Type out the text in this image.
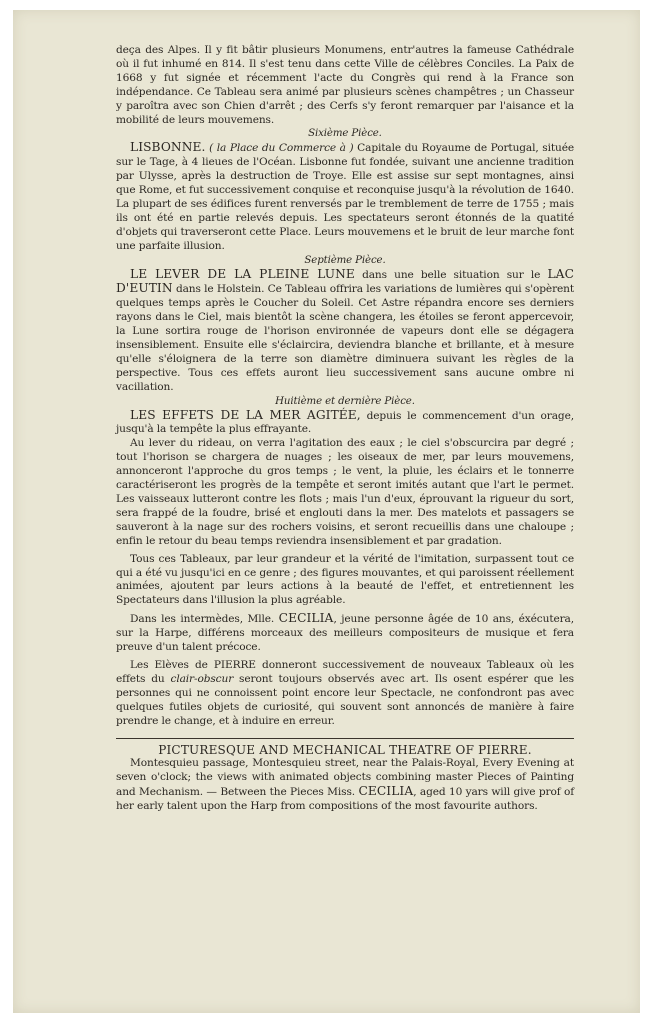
deça des Alpes. Il y fit bâtir plusieurs Monumens, entr'autres la fameuse Cathédrale où il fut inhumé en 814. Il s'est tenu dans cette Ville de célèbres Conciles. La Paix de 1668 y fut signée et récemment l'acte du Congrès qui rend à la France son indépendance. Ce Tableau sera animé par plusieurs scènes champêtres ; un Chasseur y paroîtra avec son Chien d'arrêt ; des Cerfs s'y feront remarquer par l'aisance et la mobilité de leurs mouvemens.

Sixième Pièce.

LISBONNE. ( la Place du Commerce à ) Capitale du Royaume de Portugal, située sur le Tage, à 4 lieues de l'Océan. Lisbonne fut fondée, suivant une ancienne tradition par Ulysse, après la destruction de Troye. Elle est assise sur sept montagnes, ainsi que Rome, et fut successivement conquise et reconquise jusqu'à la révolution de 1640. La plupart de ses édifices furent renversés par le tremblement de terre de 1755 ; mais ils ont été en partie relevés depuis. Les spectateurs seront étonnés de la quatité d'objets qui traverseront cette Place. Leurs mouvemens et le bruit de leur marche font une parfaite illusion.

Septième Pièce.

LE LEVER DE LA PLEINE LUNE dans une belle situation sur le LAC D'EUTIN dans le Holstein. Ce Tableau offrira les variations de lumières qui s'opèrent quelques temps après le Coucher du Soleil. Cet Astre répandra encore ses derniers rayons dans le Ciel, mais bientôt la scène changera, les étoiles se feront appercevoir, la Lune sortira rouge de l'horison environnée de vapeurs dont elle se dégagera insensiblement. Ensuite elle s'éclaircira, deviendra blanche et brillante, et à mesure qu'elle s'éloignera de la terre son diamètre diminuera suivant les règles de la perspective. Tous ces effets auront lieu successivement sans aucune ombre ni vacillation.

Huitième et dernière Pièce.

LES EFFETS DE LA MER AGITÉE, depuis le commencement d'un orage, jusqu'à la tempête la plus effrayante.

Au lever du rideau, on verra l'agitation des eaux ; le ciel s'obscurcira par degré ; tout l'horison se chargera de nuages ; les oiseaux de mer, par leurs mouvemens, annonceront l'approche du gros temps ; le vent, la pluie, les éclairs et le tonnerre caractériseront les progrès de la tempête et seront imités autant que l'art le permet. Les vaisseaux lutteront contre les flots ; mais l'un d'eux, éprouvant la rigueur du sort, sera frappé de la foudre, brisé et englouti dans la mer. Des matelots et passagers se sauveront à la nage sur des rochers voisins, et seront recueillis dans une chaloupe ; enfin le retour du beau temps reviendra insensiblement et par gradation.

Tous ces Tableaux, par leur grandeur et la vérité de l'imitation, surpassent tout ce qui a été vu jusqu'ici en ce genre ; des figures mouvantes, et qui paroissent réellement animées, ajoutent par leurs actions à la beauté de l'effet, et entretiennent les Spectateurs dans l'illusion la plus agréable.

Dans les intermèdes, Mlle. CECILIA, jeune personne âgée de 10 ans, éxécutera, sur la Harpe, différens morceaux des meilleurs compositeurs de musique et fera preuve d'un talent précoce.

Les Elèves de PIERRE donneront successivement de nouveaux Tableaux où les effets du clair-obscur seront toujours observés avec art. Ils osent espérer que les personnes qui ne connoissent point encore leur Spectacle, ne confondront pas avec quelques futiles objets de curiosité, qui souvent sont annoncés de manière à faire prendre le change, et à induire en erreur.

PICTURESQUE AND MECHANICAL THEATRE OF PIERRE.

Montesquieu passage, Montesquieu street, near the Palais-Royal, Every Evening at seven o'clock; the views with animated objects combining master Pieces of Painting and Mechanism. — Between the Pieces Miss. CECILIA, aged 10 yars will give prof of her early talent upon the Harp from compositions of the most favourite authors.
